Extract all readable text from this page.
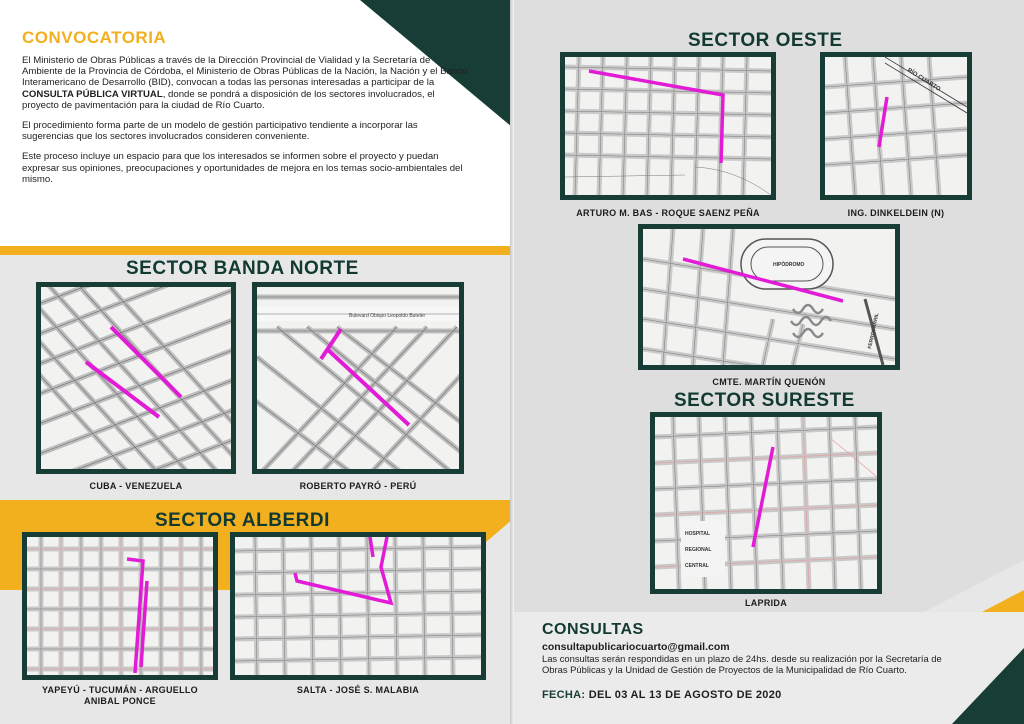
CONVOCATORIA

El Ministerio de Obras Públicas a través de la Dirección Provincial de Vialidad y la Secretaría de Ambiente de la Provincia de Córdoba, el Ministerio de Obras Públicas de la Nación, la Nación y el Banco Interamericano de Desarrollo (BID), convocan a todas las personas interesadas a participar de la CONSULTA PÚBLICA VIRTUAL, donde se pondrá a disposición de los sectores involucrados, el proyecto de pavimentación para la ciudad de Río Cuarto.

El procedimiento forma parte de un modelo de gestión participativo tendiente a incorporar las sugerencias que los sectores involucrados consideren conveniente.

Este proceso incluye un espacio para que los interesados se informen sobre el proyecto y puedan expresar sus opiniones, preocupaciones y oportunidades de mejora en los temas socio-ambientales del mismo.

SECTOR BANDA NORTE
CUBA - VENEZUELA
Bulevard Obispo Leopoldo Buteler
ROBERTO PAYRÓ - PERÚ
SECTOR ALBERDI
YAPEYÚ - TUCUMÁN - ARGUELLO
ANIBAL PONCE
SALTA - JOSÉ S. MALABIA
SECTOR OESTE
ARTURO M. BAS - ROQUE SAENZ PEÑA
RÍO CUARTO
ING. DINKELDEIN (N)
HIPÓDROMO
FERROCARRIL
CMTE. MARTÍN QUENÓN
SECTOR SURESTE
HOSPITAL
REGIONAL
CENTRAL
LAPRIDA
CONSULTAS
consultapublicariocuarto@gmail.com
Las consultas serán respondidas en un plazo de 24hs. desde su realización por la Secretaría de Obras Públicas y la Unidad de Gestión de Proyectos de la Municipalidad de Río Cuarto.
FECHA: DEL 03 AL 13 DE AGOSTO DE 2020
